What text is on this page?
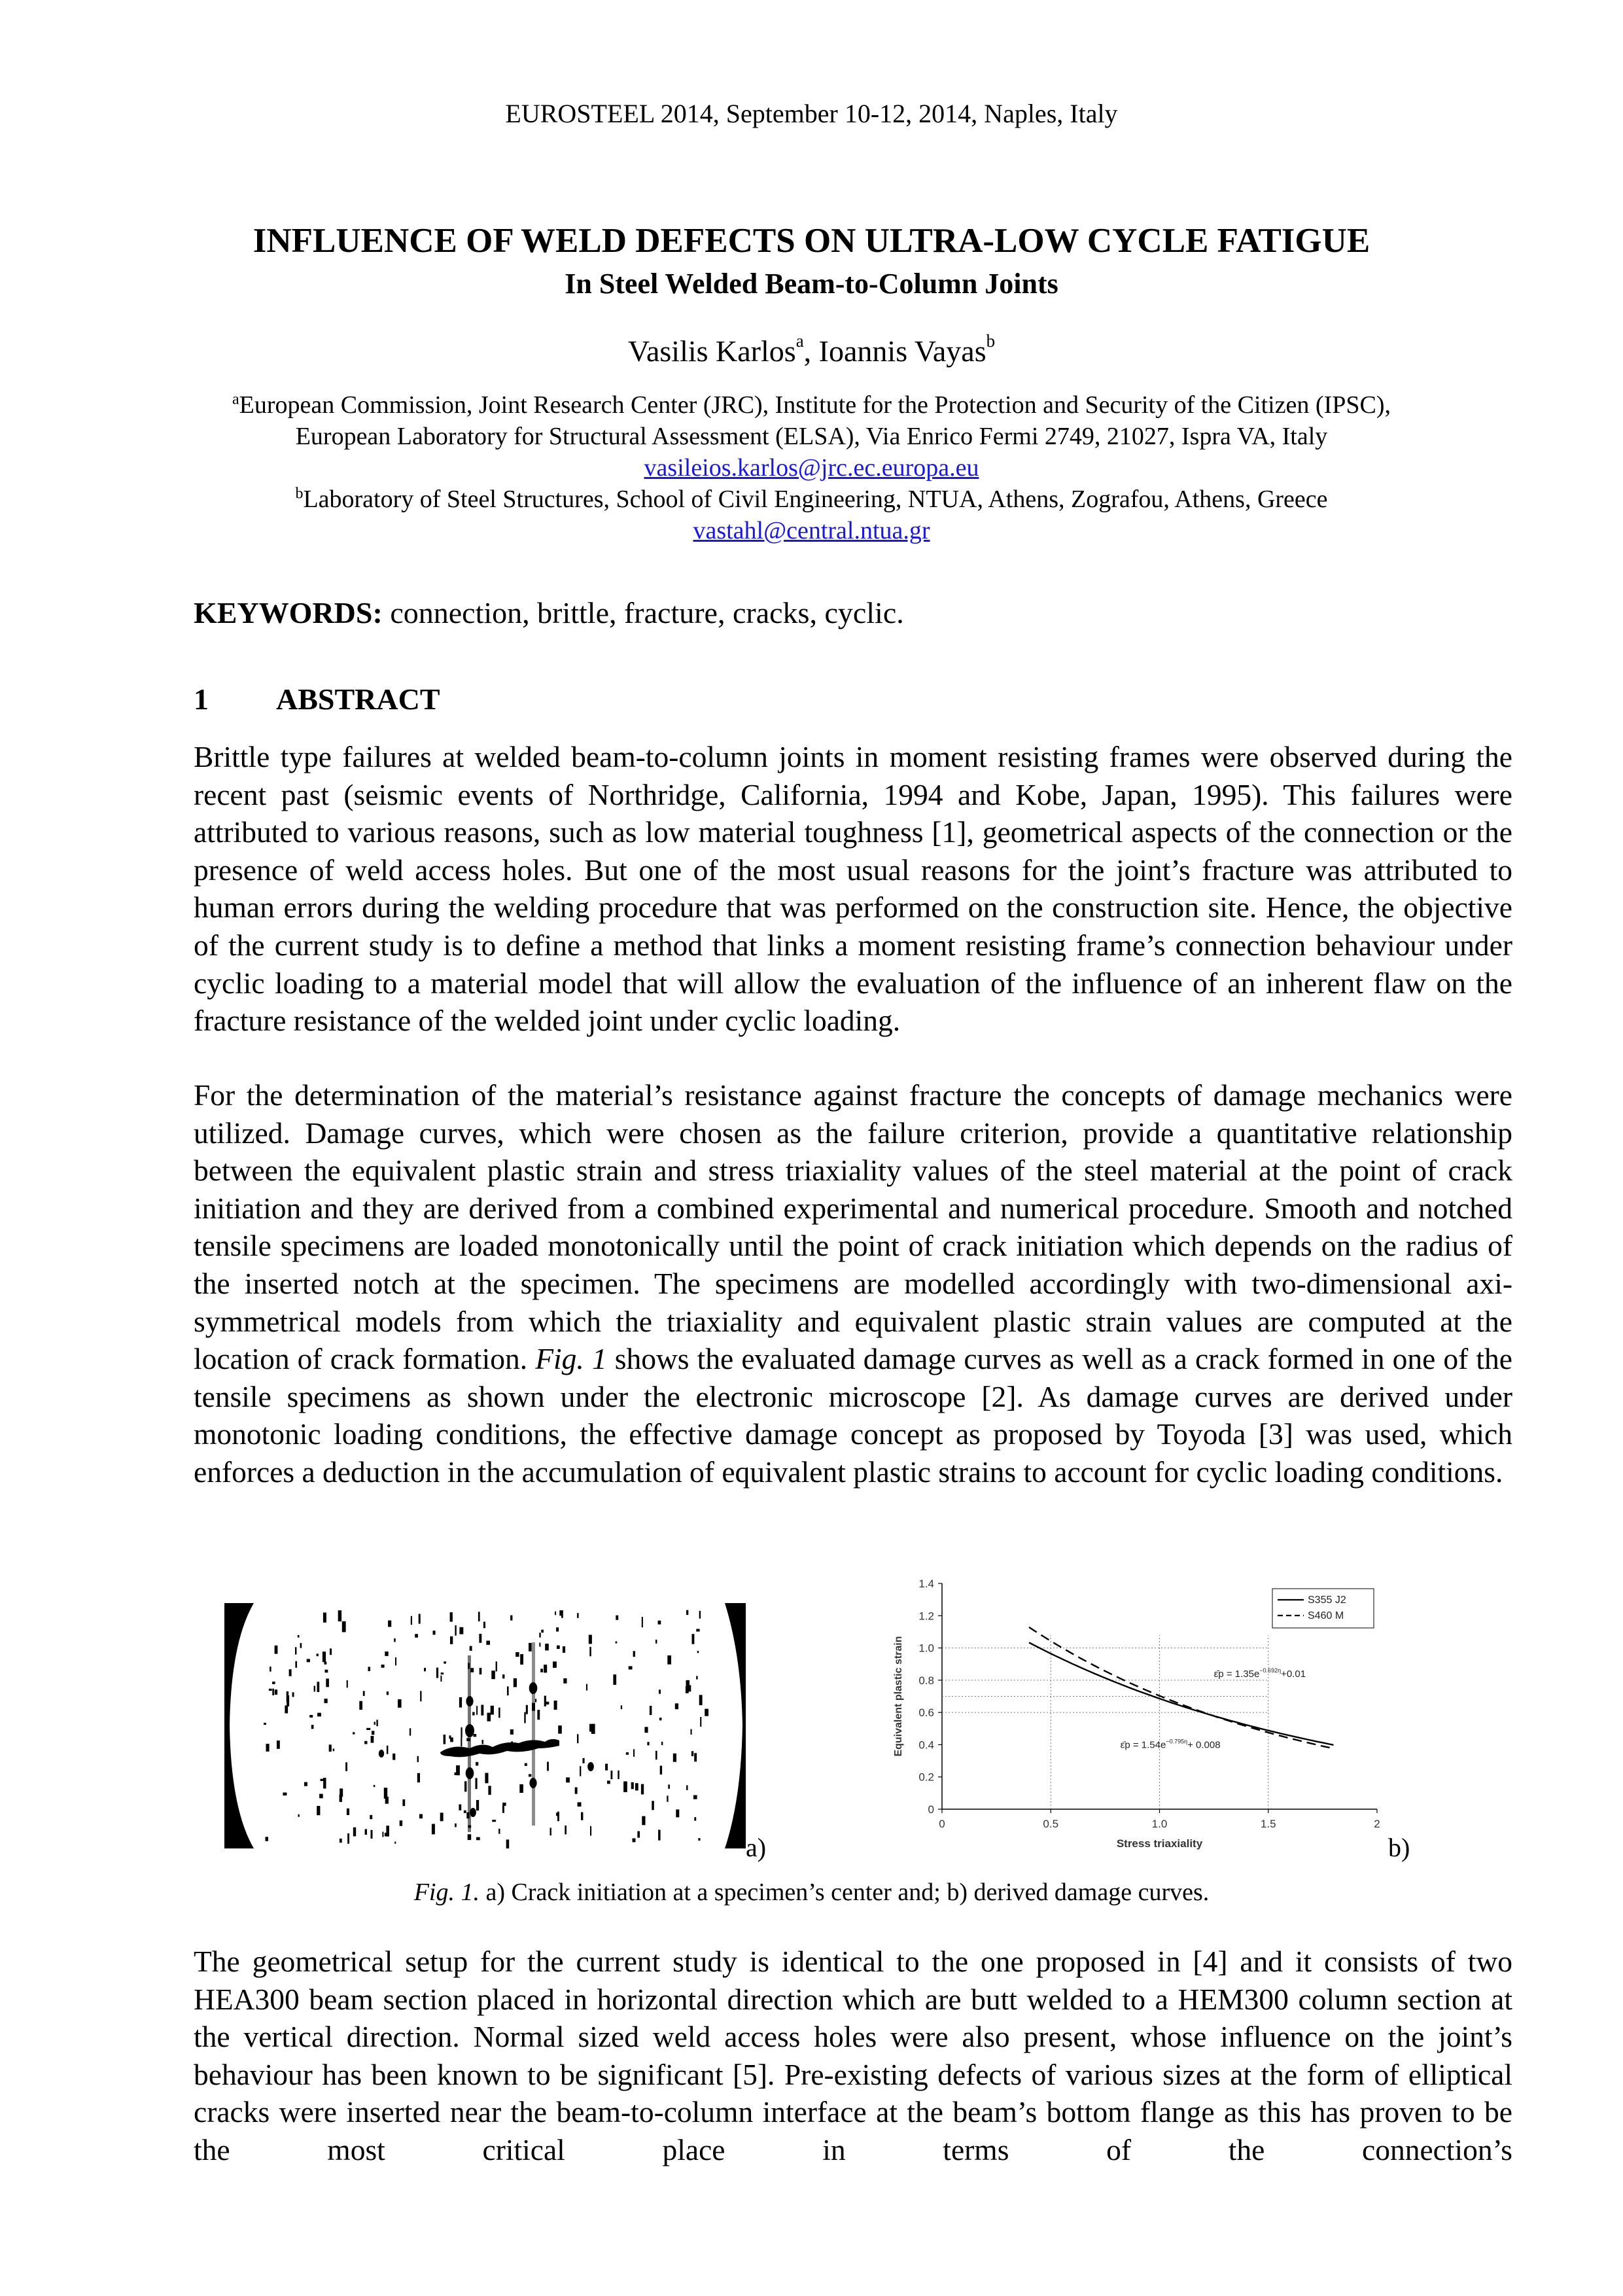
EUROSTEEL 2014, September 10-12, 2014, Naples, Italy
INFLUENCE OF WELD DEFECTS ON ULTRA-LOW CYCLE FATIGUE
In Steel Welded Beam-to-Column Joints
Vasilis Karlos$^a$, Ioannis Vayas$^b$
$^a$European Commission, Joint Research Center (JRC), Institute for the Protection and Security of the Citizen (IPSC),
European Laboratory for Structural Assessment (ELSA), Via Enrico Fermi 2749, 21027, Ispra VA, Italy
vasileios.karlos@jrc.ec.europa.eu
$^b$Laboratory of Steel Structures, School of Civil Engineering, NTUA, Athens, Zografou, Athens, Greece
vastahl@central.ntua.gr
KEYWORDS: connection, brittle, fracture, cracks, cyclic.
1 ABSTRACT
Brittle type failures at welded beam-to-column joints in moment resisting frames were observed during the recent past (seismic events of Northridge, California, 1994 and Kobe, Japan, 1995). This failures were attributed to various reasons, such as low material toughness [1], geometrical aspects of the connection or the presence of weld access holes. But one of the most usual reasons for the joint’s fracture was attributed to human errors during the welding procedure that was performed on the construction site. Hence, the objective of the current study is to define a method that links a moment resisting frame’s connection behaviour under cyclic loading to a material model that will allow the evaluation of the influence of an inherent flaw on the fracture resistance of the welded joint under cyclic loading.
For the determination of the material’s resistance against fracture the concepts of damage mechanics were utilized. Damage curves, which were chosen as the failure criterion, provide a quantitative relationship between the equivalent plastic strain and stress triaxiality values of the steel material at the point of crack initiation and they are derived from a combined experimental and numerical procedure. Smooth and notched tensile specimens are loaded monotonically until the point of crack initiation which depends on the radius of the inserted notch at the specimen. The specimens are modelled accordingly with two-dimensional axi-symmetrical models from which the triaxiality and equivalent plastic strain values are computed at the location of crack formation. Fig. 1 shows the evaluated damage curves as well as a crack formed in one of the tensile specimens as shown under the electronic microscope [2]. As damage curves are derived under monotonic loading conditions, the effective damage concept as proposed by Toyoda [3] was used, which enforces a deduction in the accumulation of equivalent plastic strains to account for cyclic loading conditions.
a)
0
0.2
0.4
0.6
0.8
1.0
1.2
1.4
0	0.5	1.0	1.5	2
Stress triaxiality
Equivalent plastic strain
S355 J2
S460 M
ε̄p = $1.35e^{-0.692\eta}+0.01$
ε̄p = $1.54e^{-0.795\eta}+ 0.008$
b)
Fig. 1. a) Crack initiation at a specimen’s center and; b) derived damage curves.
The geometrical setup for the current study is identical to the one proposed in [4] and it consists of two HEA300 beam section placed in horizontal direction which are butt welded to a HEM300 column section at the vertical direction. Normal sized weld access holes were also present, whose influence on the joint’s behaviour has been known to be significant [5]. Pre-existing defects of various sizes at the form of elliptical cracks were inserted near the beam-to-column interface at the beam’s bottom flange as this has proven to be the most critical place in terms of the connection’s
